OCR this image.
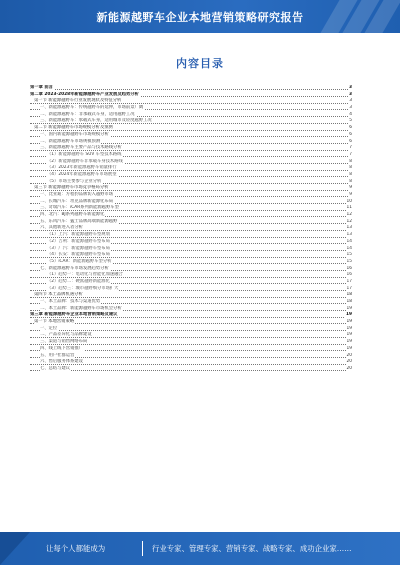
新能源越野车企业本地营销策略研究报告
内容目录
第一章 前言	3
第二章 2023-2028年新能源越野车产业发展及趋势分析	3
第一节 新能源越野车行业发展现状及特征分析	3
一、新能源越野车：传统越野车的延伸，市场前景广阔	3
二、新能源越野车：非承载式车身，适用越野工况	4
三、新能源越野车：承载式车身，适用城市及轻度越野工况	5
第二节 新能源越野车市场规模分析及预测	6
一、国内新能源越野车市场规模分析	6
二、新能源越野车市场规模预测	6
三、新能源越野车主要产品与技术路线分析	7
（1）新能源越野车 SUV 车型技术路线	7
（2）新能源越野车非承载车身技术路线	8
（3）2023年新能源越野车销量排行	8
（4）2024年新能源越野车市场展望	8
（5）市场主要参与企业分析	8
第三节 新能源越野车市场竞争格局分析	9
一、比亚迪：方程豹品牌切入越野市场	9
二、长城汽车：坦克品牌新能源化布局	10
三、奇瑞汽车：iCAR系列新能源越野车型	11
四、北汽：BJ系列越野车新能源化	12
五、东风汽车：猛士品牌高端新能源越野	12
六、其他新进入者分析	13
（1）上汽：新能源越野车型规划	13
（2）吉利：新能源越野车型布局	14
（3）广汽：新能源越野车型布局	14
（4）长安：新能源越野车型布局	15
（5）iCAR：新能源越野车型分析	15
七、新能源越野车市场发展趋势分析	16
（1）趋势一：电动化与智能化加速融合	16
（2）趋势二：硬派越野新能源化	17
（3）趋势三：城市越野细分市场扩大	17
第四节 本土品牌机遇分析	18
一、本土品牌：技术与渠道优势	18
二、本土品牌：新能源越野车市场机会分析	19
第三章 新能源越野车企业本地营销策略及建议	19
第一节 本地营销策略	19
一、定位	19
二、产品差异化与品牌建设	19
三、渠道与销售网络布局	19
四、线上线下营销推广	19
五、用户社群运营	20
六、售后服务体系建设	20
七、总结与建议	20
让每个人都能成为	行业专家、管理专家、营销专家、战略专家、成功企业家……
